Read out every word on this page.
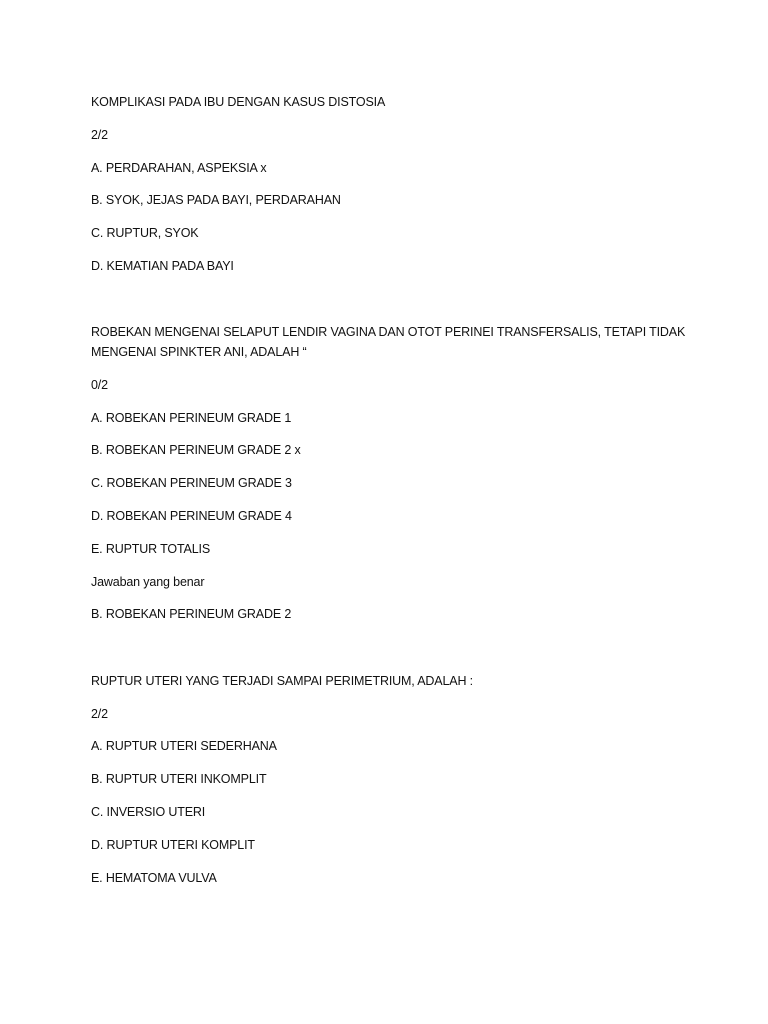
KOMPLIKASI PADA IBU DENGAN KASUS DISTOSIA
2/2
A. PERDARAHAN, ASPEKSIA x
B. SYOK, JEJAS PADA BAYI, PERDARAHAN
C. RUPTUR, SYOK
D. KEMATIAN PADA BAYI
ROBEKAN MENGENAI SELAPUT LENDIR VAGINA DAN OTOT PERINEI TRANSFERSALIS, TETAPI TIDAK
MENGENAI SPINKTER ANI, ADALAH “
0/2
A. ROBEKAN PERINEUM GRADE 1
B. ROBEKAN PERINEUM GRADE 2 x
C. ROBEKAN PERINEUM GRADE 3
D. ROBEKAN PERINEUM GRADE 4
E. RUPTUR TOTALIS
Jawaban yang benar
B. ROBEKAN PERINEUM GRADE 2
RUPTUR UTERI YANG TERJADI SAMPAI PERIMETRIUM, ADALAH :
2/2
A. RUPTUR UTERI SEDERHANA
B. RUPTUR UTERI INKOMPLIT
C. INVERSIO UTERI
D. RUPTUR UTERI KOMPLIT
E. HEMATOMA VULVA
